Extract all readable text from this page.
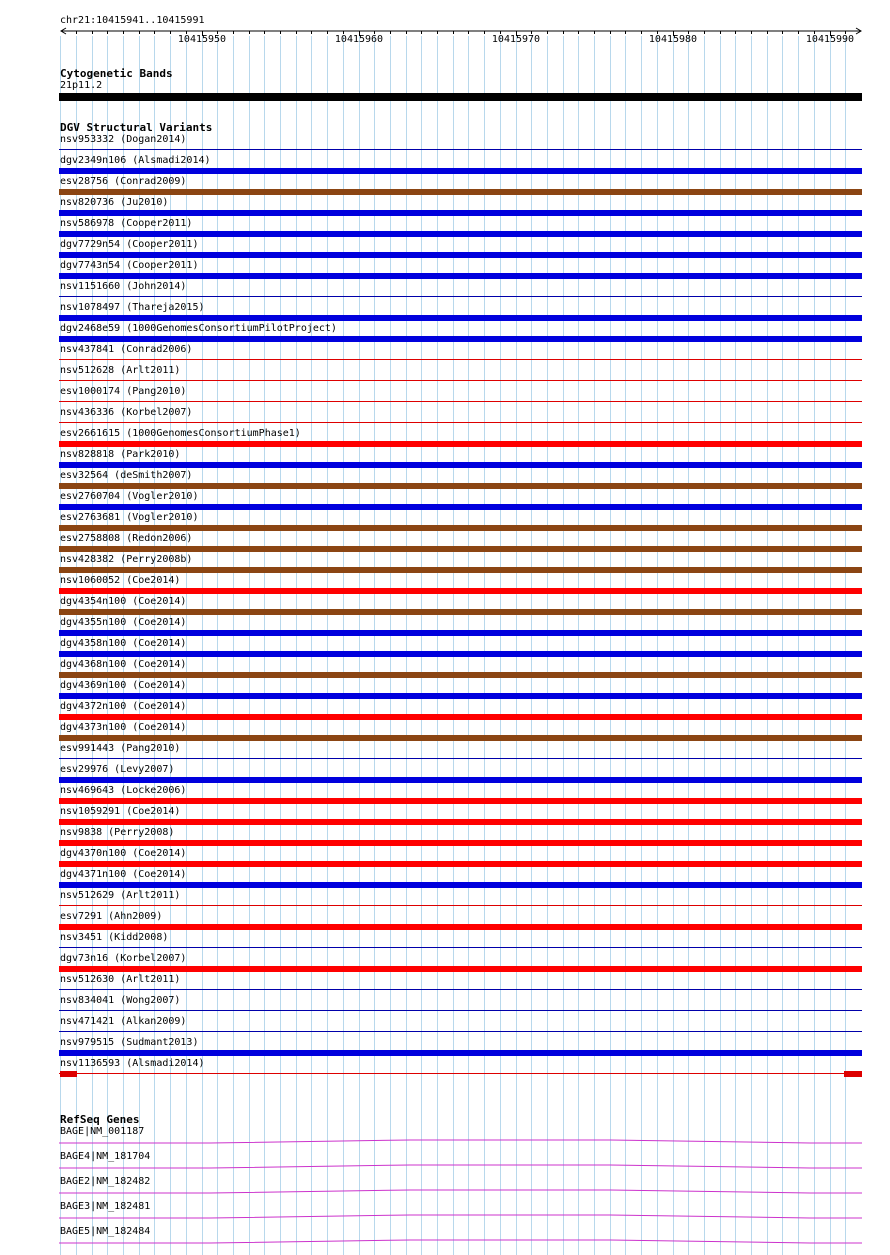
chr21:10415941..10415991
10415950	10415960	10415970	10415980	10415990
Cytogenetic Bands
21p11.2
DGV Structural Variants
nsv953332 (Dogan2014)
dgv2349n106 (Alsmadi2014)
esv28756 (Conrad2009)
nsv820736 (Ju2010)
nsv586978 (Cooper2011)
dgv7729n54 (Cooper2011)
dgv7743n54 (Cooper2011)
nsv1151660 (John2014)
nsv1078497 (Thareja2015)
dgv2468e59 (1000GenomesConsortiumPilotProject)
nsv437841 (Conrad2006)
nsv512628 (Arlt2011)
esv1000174 (Pang2010)
nsv436336 (Korbel2007)
esv2661615 (1000GenomesConsortiumPhase1)
nsv828818 (Park2010)
esv32564 (deSmith2007)
esv2760704 (Vogler2010)
esv2763681 (Vogler2010)
esv2758808 (Redon2006)
nsv428382 (Perry2008b)
nsv1060052 (Coe2014)
dgv4354n100 (Coe2014)
dgv4355n100 (Coe2014)
dgv4358n100 (Coe2014)
dgv4368n100 (Coe2014)
dgv4369n100 (Coe2014)
dgv4372n100 (Coe2014)
dgv4373n100 (Coe2014)
esv991443 (Pang2010)
esv29976 (Levy2007)
nsv469643 (Locke2006)
nsv1059291 (Coe2014)
nsv9838 (Perry2008)
dgv4370n100 (Coe2014)
dgv4371n100 (Coe2014)
nsv512629 (Arlt2011)
esv7291 (Ahn2009)
nsv3451 (Kidd2008)
dgv73n16 (Korbel2007)
nsv512630 (Arlt2011)
nsv834041 (Wong2007)
nsv471421 (Alkan2009)
nsv979515 (Sudmant2013)
nsv1136593 (Alsmadi2014)
RefSeq Genes
BAGE|NM_001187
BAGE4|NM_181704
BAGE2|NM_182482
BAGE3|NM_182481
BAGE5|NM_182484
